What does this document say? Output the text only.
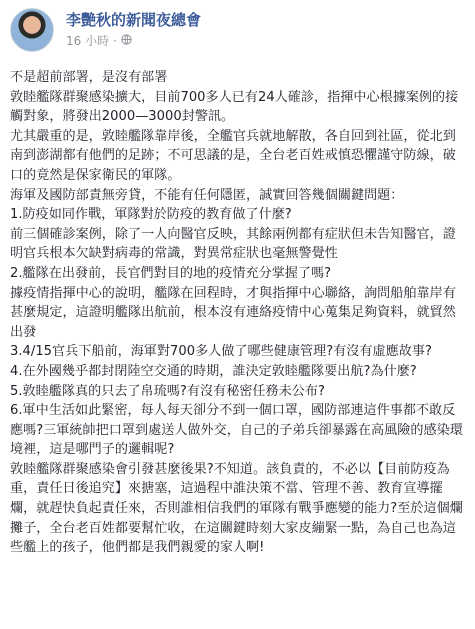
李艷秋的新聞夜總會
16 小時 ·

不是超前部署，是沒有部署

敦睦艦隊群聚感染擴大，目前700多人已有24人確診，指揮中心根據案例的接觸對象，將發出2000—3000封警訊。

尤其嚴重的是，敦睦艦隊靠岸後，全艦官兵就地解散，各自回到社區，從北到南到澎湖都有他們的足跡；不可思議的是，全台老百姓戒慎恐懼謹守防線，破口的竟然是保家衛民的軍隊。

海軍及國防部責無旁貸，不能有任何隱匿，誠實回答幾個關鍵問題：

1.防疫如同作戰，軍隊對於防疫的教育做了什麼?

前三個確診案例，除了一人向醫官反映，其餘兩例都有症狀但未告知醫官，證明官兵根本欠缺對病毒的常識，對異常症狀也毫無警覺性

2.艦隊在出發前，長官們對目的地的疫情充分掌握了嗎?

據疫情指揮中心的說明，艦隊在回程時，才與指揮中心聯絡，詢問船舶靠岸有甚麼規定，這證明艦隊出航前，根本沒有連絡疫情中心蒐集足夠資料，就貿然出發

3.4/15官兵下船前，海軍對700多人做了哪些健康管理?有沒有虛應故事?

4.在外國幾乎都封閉陸空交通的時期，誰決定敦睦艦隊要出航?為什麼?

5.敦睦艦隊真的只去了帛琉嗎?有沒有秘密任務未公布?

6.軍中生活如此緊密，每人每天卻分不到一個口罩，國防部連這件事都不敢反應嗎?三軍統帥把口罩到處送人做外交，自己的子弟兵卻暴露在高風險的感染環境裡，這是哪門子的邏輯呢?

敦睦艦隊群聚感染會引發甚麼後果?不知道。該負責的，不必以【目前防疫為重，責任日後追究】來搪塞，這過程中誰決策不當、管理不善、教育宣導擺爛，就趕快負起責任來，否則誰相信我們的軍隊有戰爭應變的能力?至於這個爛攤子，全台老百姓都要幫忙收，在這關鍵時刻大家皮繃緊一點，為自己也為這些艦上的孩子，他們都是我們親愛的家人啊!
